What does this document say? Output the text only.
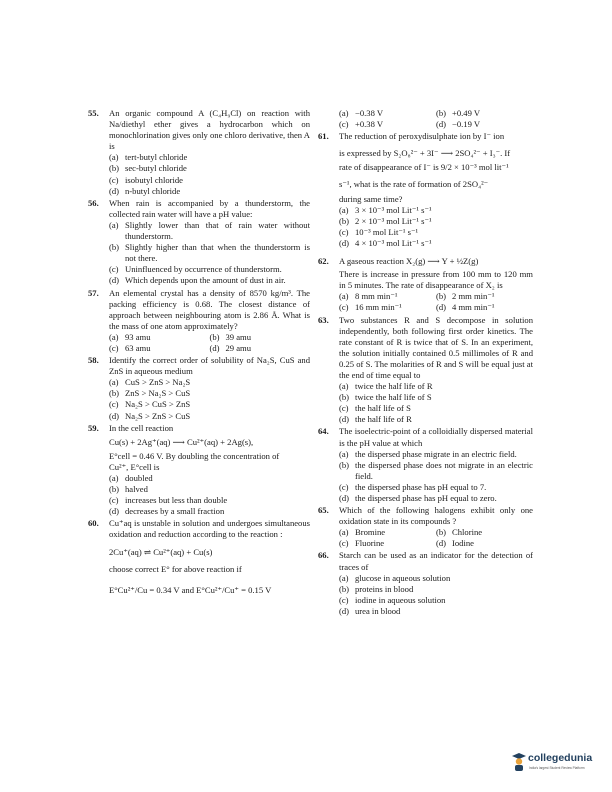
55.	An organic compound A (C₄H₉Cl) on reaction with Na/diethyl ether gives a hydrocarbon which on monochlorination gives only one chloro derivative, then A is
(a) tert-butyl chloride
(b) sec-butyl chloride
(c) isobutyl chloride
(d) n-butyl chloride
56.	When rain is accompanied by a thunderstorm, the collected rain water will have a pH value:
(a) Slightly lower than that of rain water without thunderstorm.
(b) Slightly higher than that when the thunderstorm is not there.
(c) Uninfluenced by occurrence of thunderstorm.
(d) Which depends upon the amount of dust in air.
57.	An elemental crystal has a density of 8570 kg/m³. The packing efficiency is 0.68. The closest distance of approach between neighbouring atom is 2.86 Å. What is the mass of one atom approximately?
(a) 93 amu	(b) 39 amu
(c) 63 amu	(d) 29 amu
58.	Identify the correct order of solubility of Na₂S, CuS and ZnS in aqueous medium
(a) CuS > ZnS > Na₂S
(b) ZnS > Na₂S > CuS
(c) Na₂S > CuS > ZnS
(d) Na₂S > ZnS > CuS
59.	In the cell reaction
Cu(s) + 2Ag⁺(aq) ⟶ Cu²⁺(aq) + 2Ag(s),
E°cell = 0.46 V. By doubling the concentration of
Cu²⁺, E°cell is
(a) doubled
(b) halved
(c) increases but less than double
(d) decreases by a small fraction
60.	Cu⁺aq is unstable in solution and undergoes simultaneous oxidation and reduction according to the reaction :
2Cu⁺(aq) ⇌ Cu²⁺(aq) + Cu(s)
choose correct E° for above reaction if
E°Cu²⁺/Cu = 0.34 V and E°Cu²⁺/Cu⁺ = 0.15 V
(a) −0.38 V	(b) +0.49 V
(c) +0.38 V	(d) −0.19 V
61.	The reduction of peroxydisulphate ion by I⁻ ion
is expressed by S₂O₈²⁻ + 3I⁻ ⟶ 2SO₄²⁻ + I₃⁻. If
rate of disappearance of I⁻ is 9/2 × 10⁻³ mol lit⁻¹
s⁻¹, what is the rate of formation of 2SO₄²⁻
during same time?
(a) 3 × 10⁻³ mol Lit⁻¹ s⁻¹
(b) 2 × 10⁻³ mol Lit⁻¹ s⁻¹
(c) 10⁻³ mol Lit⁻¹ s⁻¹
(d) 4 × 10⁻³ mol Lit⁻¹ s⁻¹
62.	A gaseous reaction X₂(g) ⟶ Y + ½Z(g)
There is increase in pressure from 100 mm to 120 mm in 5 minutes. The rate of disappearance of X₂ is
(a) 8 mm min⁻¹	(b) 2 mm min⁻¹
(c) 16 mm min⁻¹	(d) 4 mm min⁻¹
63.	Two substances R and S decompose in solution independently, both following first order kinetics. The rate constant of R is twice that of S. In an experiment, the solution initially contained 0.5 millimoles of R and 0.25 of S. The molarities of R and S will be equal just at the end of time equal to
(a) twice the half life of R
(b) twice the half life of S
(c) the half life of S
(d) the half life of R
64.	The isoelectric-point of a colloidially dispersed material is the pH value at which
(a) the dispersed phase migrate in an electric field.
(b) the dispersed phase does not migrate in an electric field.
(c) the dispersed phase has pH equal to 7.
(d) the dispersed phase has pH equal to zero.
65.	Which of the following halogens exhibit only one oxidation state in its compounds ?
(a) Bromine	(b) Chlorine
(c) Fluorine	(d) Iodine
66.	Starch can be used as an indicator for the detection of traces of
(a) glucose in aqueous solution
(b) proteins in blood
(c) iodine in aqueous solution
(d) urea in blood
collegedunia
India's largest Student Review Platform
